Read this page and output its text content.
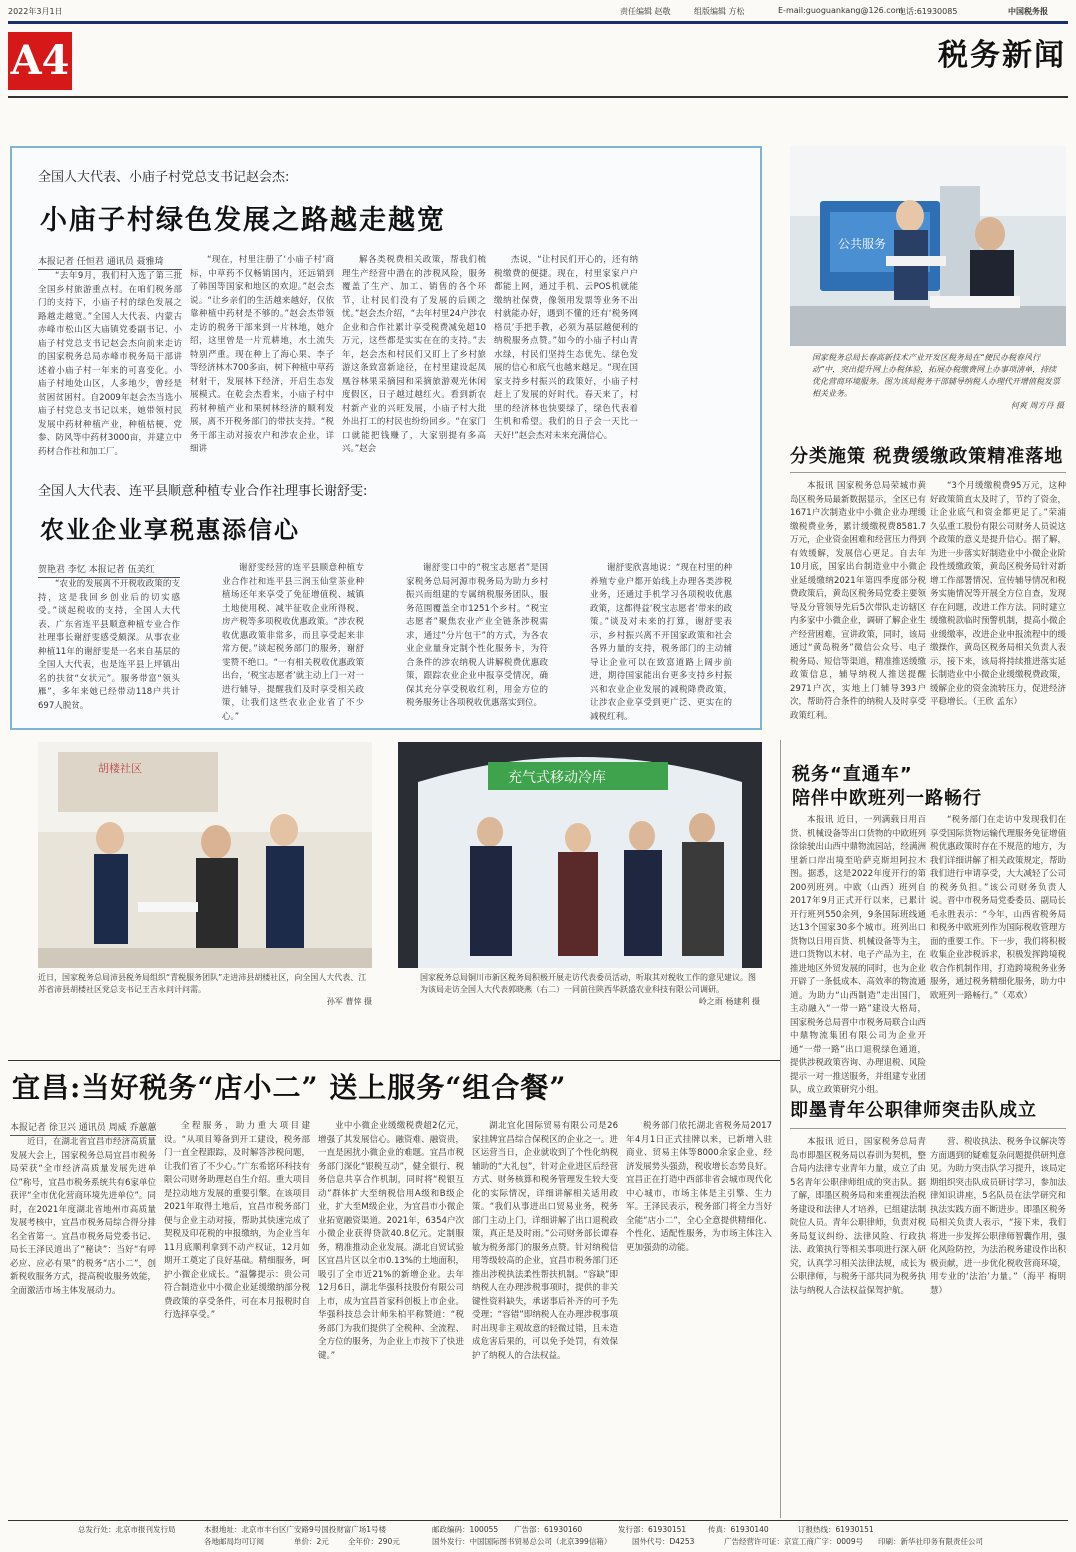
2022年3月1日	责任编辑 赵敬	组版编辑 方松	E-mail:guoguankang@126.com
电话:61930085	中国税务报
A4	税务新闻
全国人大代表、小庙子村党总支书记赵会杰:
小庙子村绿色发展之路越走越宽
本报记者 任恒君 通讯员 聂雅琦

“去年9月，我们村入选了第三批全国乡村旅游重点村。在咱们税务部门的支持下，小庙子村的绿色发展之路越走越宽。”全国人大代表、内蒙古赤峰市松山区大庙镇党委副书记、小庙子村党总支书记赵会杰向前来走访的国家税务总局赤峰市税务局干部讲述着小庙子村一年来的可喜变化。小庙子村地处山区，人多地少，曾经是贫困贫困村。自2009年赵会杰当选小庙子村党总支书记以来，她带领村民发展中药材种植产业，种植枯梗、党参、防风等中药材3000亩，并建立中药材合作社和加工厂。

“现在，村里注册了‘小庙子村’商标，中草药不仅畅销国内，还远销到了韩国等国家和地区的欢迎。”赵会杰说。“让乡亲们的生活越来越好，仅依靠种植中药材是不够的。”赵会杰带领走访的税务干部来到一片林地，她介绍，这里曾是一片荒耕地，水土流失特别严重。现在种上了海心果、李子等经济林木700多亩，树下种植中草药材射干，发展林下经济，开启生态发展模式。在乾会杰看来，小庙子村中药材种植产业和果树林经济的顺利发展，离不开税务部门的带扶支持。“税务干部主动对接农户和涉农企业，详细讲

解各类税费相关政策，帮我们梳理生产经营中潜在的涉税风险，服务覆盖了生产、加工、销售的各个环节，让村民们没有了发展的后顾之忧。”赵会杰介绍，“去年村里24户涉农企业和合作社累计享受税费减免超10万元，这些都是实实在在的支持。”去年，赵会杰和村民们又盯上了乡村旅游这条致富新途径，在村里建设起凤凰谷林果采摘园和采摘旅游观光休闲度假区，日子越过越红火。看到新农村新产业的兴旺发展，小庙子村大批外出打工的村民也纷纷回乡。“在家门口就能把钱赚了，大家别提有多高兴。”赵会

杰说，“让村民们开心的，还有纳税缴费的便捷。现在，村里家家户户都能上网，通过手机、云POS机就能缴纳社保费，像领用发票等业务不出村就能办好，遇到不懂的还有‘税务网格员’手把手教，必须为基层越便利的纳税服务点赞。”如今的小庙子村山青水绿，村民们坚持生态优先、绿色发展的信心和底气也越来越足。“现在国家支持乡村振兴的政策好，小庙子村赶上了发展的好时代。春天来了，村里的经济林也快要绿了，绿色代表着生机和希望。我们的日子会一天比一天好!”赵会杰对未来充满信心。

全国人大代表、连平县顺意种植专业合作社理事长谢舒雯:
农业企业享税惠添信心
贺艳君 李忆 本报记者 伍美红

“农业的发展离不开税收政策的支持，这是我回乡创业后的切实感受。”谈起税收的支持，全国人大代表、广东省连平县顺意种植专业合作社理事长谢舒雯感受颇深。从事农业种植11年的谢舒雯是一名来自基层的全国人大代表，也是连平县上坪镇出名的扶贫“女状元”。服务带富“领头雁”，多年来她已经带动118户共计697人脱贫。

谢舒雯经营的连平县顺意种植专业合作社和连平县三润玉仙堂茶业种植场还年来享受了免征增值税、城镇土地使用税、减半征收企业所得税、房产税等多项税收优惠政策。“涉农税收优惠政策非常多，而且享受起来非常方便。”谈起税务部门的服务，谢舒雯赞不绝口。“一有相关税收优惠政策出台，‘税宝志愿者’就主动上门一对一进行辅导，提醒我们及时享受相关政策，让我们这些农业企业省了不少心。”

谢舒雯口中的“税宝志愿者”是国家税务总局河源市税务局为助力乡村振兴而组建的专属纳税服务团队，服务范围覆盖全市1251个乡村。“税宝志愿者”聚焦农业产业全链条涉税需求，通过“分片包干”的方式，为各农业企业量身定制个性化服务卡，为符合条件的涉农纳税人讲解税费优惠政策，跟踪农业企业申报享受情况，确保其充分享受税收红利，用金方位的税务服务让各项税收优惠落实到位。

谢舒雯欣喜地说：“现在村里的种养殖专业户都开始线上办理各类涉税业务，还通过手机学习各项税收优惠政策，这都得益‘税宝志愿者’带来的政策。”谈及对未来的打算，谢舒雯表示，乡村振兴离不开国家政策和社会各界力量的支持，税务部门的主动辅导让企业可以在致富道路上阔步前进，期待国家能出台更多支持乡村振兴和农业企业发展的减税降费政策，让涉农企业享受到更广泛、更实在的减税红利。

公共服务
国家税务总局长春高新技术产业开发区税务局在“便民办税春风行动”中，突出提升网上办税体验，拓展办税缴费网上办事项清单，持续优化营商环境服务。图为该局税务干部辅导纳税人办理代开增值税发票相关业务。
何爽 周方丹 摄
分类施策 税费缓缴政策精准落地

本报讯 国家税务总局荣城市黄岛区税务局最新数据显示，全区已有1671户次制造业中小微企业办理缓缴税费业务，累计缓缴税费8581.7万元，企业资金困难和经营压力得到有效缓解，发展信心更足。自去年10月底，国家出台制造业中小微企业延缓缴纳2021年第四季度部分税费政策后，黄岛区税务局党委主要领导及分管领导先后5次带队走访辖区内多家中小微企业，调研了解企业生产经营困难，宣讲政策，同时，该局通过“黄岛税务”微信公众号、电子税务局、短信等渠道，精准推送缓缴政策信息，辅导纳税人推送提醒2971户次，实地上门辅导393户次，帮助符合条件的纳税人及时享受政策红利。

“3个月缓缴税费95万元，这种好政策简直太及时了，节约了资金，让企业底气和资金都更足了。”荣浦久弘重工股份有限公司财务人员说这个政策的意义是提升信心。据了解，为进一步落实好制造业中小微企业阶段性缓缴政策，黄岛区税务局针对新增工作部署情况、宣传辅导情况和税务实施情况等开展全方位自查，发现存在问题，改进工作方法。同时建立缓缴税款临时预警机制，提高小微企业缓缴率，改进企业申报流程中的缓缴操作，黄岛区税务局相关负责人表示，接下来，该局将持续推进落实延长制造业中小微企业缓缴税费政策，缓解企业的资金流转压力，促进经济平稳增长。（王欣 孟东）

税务“直通车”
陪伴中欧班列一路畅行

本报讯 近日，一列满载日用百货、机械设备等出口货物的中欧班列徐徐驶出山西中鼎物流园站，经满洲里新口岸出境至哈萨克斯坦阿拉木图。据悉，这是2022年度开行的第200列班列。中欧（山西）班列自2017年9月正式开行以来，已累计开行班列550余列，9条国际班线通达13个国家30多个城市。班列出口货物以日用百货、机械设备等为主，进口货物以木材、电子产品为主，在推进地区外贸发展的同时，也为企业开辟了一条低成本、高效率的物流通道。为助力“山西制造”走出国门，主动融入“一带一路”建设大格局，国家税务总局晋中市税务局联合山西中鼎物流集团有限公司为企业开通“一带一路”出口退税绿色通道，提供涉税政策咨询、办理退税、风险提示一对一推送服务，并组建专业团队，成立政策研究小组。

“税务部门在走访中发现我们在享受国际货物运输代理服务免征增值税优惠政策时存在不规范的地方，为我们详细讲解了相关政策规定，帮助我们进行申请享受，大大减轻了公司的税务负担。”该公司财务负责人说。晋中市税务局党委委员、副局长毛永胜表示：“今年，山西省税务局和税务中欧班列作为国际税收管理方面的重要工作。下一步，我们将积极收集企业涉税诉求，积极发挥跨境税收合作机制作用，打造跨境税务业务服务，通过税务精细化服务，助力中欧班列一路畅行。”（邓欢）

即墨青年公职律师突击队成立

本报讯 近日，国家税务总局青岛市即墨区税务局以春训为契机，整合局内法律专业青年力量，成立了由5名青年公职律师组成的突击队。据了解，即墨区税务局和来重视法治税务建设和法律人才培养，已组建法制院位人员。青年公职律师，负责对税务局复议纠纷、法律风险、行政执法、政策执行等相关事项进行深入研究，认真学习相关法律法规，成长为公职律师，与税务干部共同为税务执法与纳税人合法权益保驾护航。

营、税收执法、税务争议解决等方面遇到的疑难复杂问题提供研判意见。为助力突击队学习提升，该局定期组织突击队成员研讨学习，参加法律知识讲座，5名队员在法学研究和执法实践方面不断进步。即墨区税务局相关负责人表示，“接下来，我们将进一步发挥公职律师智囊作用，强化风险防控，为法治税务建设作出积极贡献，进一步优化税收营商环境，用专业的‘法治’力量。”（海平 梅明慧）

胡楼社区
近日，国家税务总局沛县税务局组织“青税服务团队”走进沛县胡楼社区，向全国人大代表、江苏省沛县胡楼社区党总支书记王吉永问计问需。
孙军 曹悻 摄
充气式移动冷库
国家税务总局铜川市新区税务局积极开展走访代表委员活动，听取其对税收工作的意见建议。图为该局走访全国人大代表郭晓燕（右二）一同前往陕西华跃盛农业科技有限公司调研。
岭之雨 杨建利 摄
宜昌:当好税务“店小二” 送上服务“组合餐”
本报记者 徐卫兴 通讯员 周威 乔蕙蕙

近日，在湖北省宜昌市经济高质量发展大会上，国家税务总局宜昌市税务局荣获“全市经济高质量发展先进单位”称号，宜昌市税务系统共有6家单位获评“全市优化营商环境先进单位”。同时，在2021年度湖北省地州市高质量发展考核中，宜昌市税务局综合得分排名全省第一。宜昌市税务局党委书记、局长王泽民道出了“秘诀”：当好“有呼必应、应必有果”的税务“店小二”，创新税收服务方式，提高税收服务效能，全面激活市场主体发展动力。

全程服务，助力重大项目建设。“从项目筹备到开工建设，税务部门一直全程跟踪，及时解答涉税问题，让我们省了不少心。”广东希铭环科技有限公司财务助理赵自生介绍。重大项目是拉动地方发展的重要引擎。在该项目2021年取得土地后，宜昌市税务部门便与企业主动对接，帮助其快速完成了契税及印花税的申报缴纳，为企业当年11月底顺利拿到不动产权证，12月如期开工奠定了良好基础。精细服务，呵护小微企业成长。“温馨提示：贵公司符合制造业中小微企业延缓缴纳部分税费政策的享受条件，可在本月报税时自行选择享受。”

业中小微企业缓缴税费超2亿元，增强了其发展信心。融资难、融资贵，一直是困扰小微企业的难题。宜昌市税务部门深化“银税互动”，健全银行、税务信息共享合作机制，同时将“税银互动”群体扩大至纳税信用A级和B级企业，扩大至M级企业，为宜昌市小微企业拓宽融资渠道。2021年，6354户次小微企业获得贷款40.8亿元。定制服务，精准推动企业发展。湖北自贸试验区宜昌片区以全市0.13%的土地面积，吸引了全市近21%的新增企业。去年12月6日，湖北华强科技股份有限公司上市，成为宜昌首家科创板上市企业。华强科技总会计师朱柏平称赞道：“税务部门为我们提供了全税种、全流程、全方位的服务，为企业上市按下了快进键。”

湖北宜化国际贸易有限公司是26家挂牌宜昌综合保税区的企业之一。进区运营当日，企业就收到了个性化纳税辅助的“大礼包”，针对企业进区后经营方式、财务核算和税务管理发生较大变化的实际情况，详细讲解相关适用政策。“我们从事进出口贸易业务，税务部门主动上门，详细讲解了出口退税政策，真正是及时雨。”公司财务部长谭春敏为税务部门的服务点赞。针对纳税信用等级较高的企业，宜昌市税务部门还推出涉税执法柔性帮扶机制。“容缺”即纳税人在办理涉税事项时，提供的非关键性资料缺失，承诺事后补齐的可予先受理；“容错”即纳税人在办理涉税事项时出现非主观故意的轻微过错，且未造成危害后果的，可以免予处罚，有效保护了纳税人的合法权益。

税务部门依托湖北省税务局2017年4月1日正式挂牌以来，已新增入驻商业、贸易主体等8000余家企业，经济发展势头强劲，税收增长态势良好。宜昌正在打造中西部非省会城市现代化中心城市，市场主体是主引擎、生力军。王泽民表示，税务部门将全力当好全能“店小二”，全心全意提供精细化、个性化、适配性服务，为市场主体注入更加强劲的动能。

总发行处：北京市报刊发行局	本报地址：北京市丰台区广安路9号国投财富广场1号楼	邮政编码：100055 广告部：61930160	发行部：61930151	传真：61930140	订报热线：61930151
各地邮局均可订阅	单价：2元	全年价：290元	国外发行：中国国际图书贸易总公司（北京399信箱）	国外代号：D4253	广告经营许可证：京宣工商广字：0009号 印刷：新华社印务有限责任公司
